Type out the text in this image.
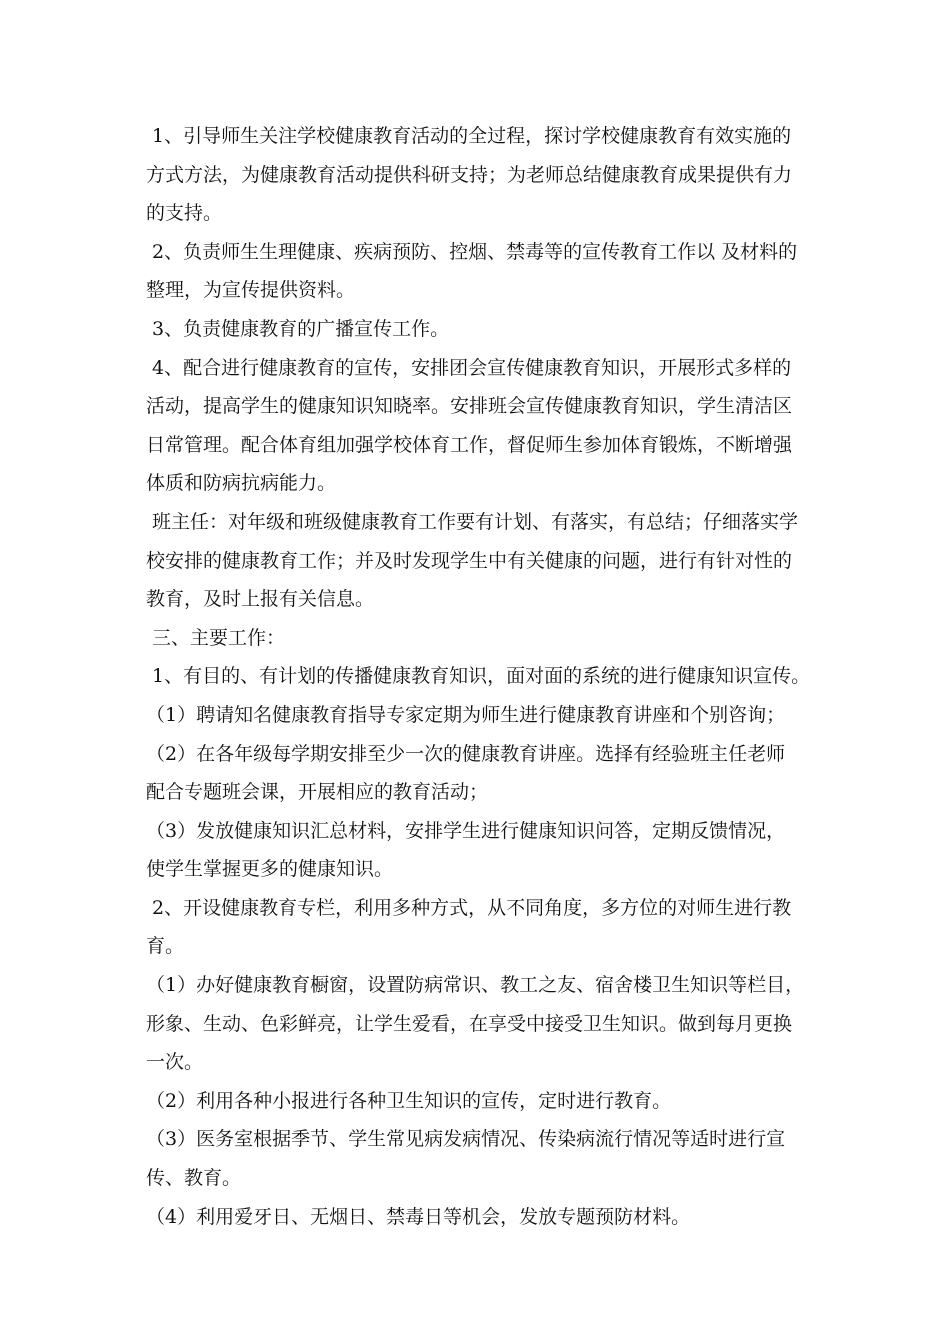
1、引导师生关注学校健康教育活动的全过程，探讨学校健康教育有效实施的
方式方法，为健康教育活动提供科研支持；为老师总结健康教育成果提供有力
的支持。
2、负责师生生理健康、疾病预防、控烟、禁毒等的宣传教育工作以 及材料的
整理，为宣传提供资料。
3、负责健康教育的广播宣传工作。
4、配合进行健康教育的宣传，安排团会宣传健康教育知识，开展形式多样的
活动，提高学生的健康知识知晓率。安排班会宣传健康教育知识，学生清洁区
日常管理。配合体育组加强学校体育工作，督促师生参加体育锻炼，不断增强
体质和防病抗病能力。
班主任：对年级和班级健康教育工作要有计划、有落实，有总结；仔细落实学
校安排的健康教育工作；并及时发现学生中有关健康的问题，进行有针对性的
教育，及时上报有关信息。
三、主要工作：
1、有目的、有计划的传播健康教育知识，面对面的系统的进行健康知识宣传。
（1）聘请知名健康教育指导专家定期为师生进行健康教育讲座和个别咨询；
（2）在各年级每学期安排至少一次的健康教育讲座。选择有经验班主任老师
配合专题班会课，开展相应的教育活动；
（3）发放健康知识汇总材料，安排学生进行健康知识问答，定期反馈情况，
使学生掌握更多的健康知识。
2、开设健康教育专栏，利用多种方式，从不同角度，多方位的对师生进行教
育。
（1）办好健康教育橱窗，设置防病常识、教工之友、宿舍楼卫生知识等栏目，
形象、生动、色彩鲜亮，让学生爱看，在享受中接受卫生知识。做到每月更换
一次。
（2）利用各种小报进行各种卫生知识的宣传，定时进行教育。
（3）医务室根据季节、学生常见病发病情况、传染病流行情况等适时进行宣
传、教育。
（4）利用爱牙日、无烟日、禁毒日等机会，发放专题预防材料。
